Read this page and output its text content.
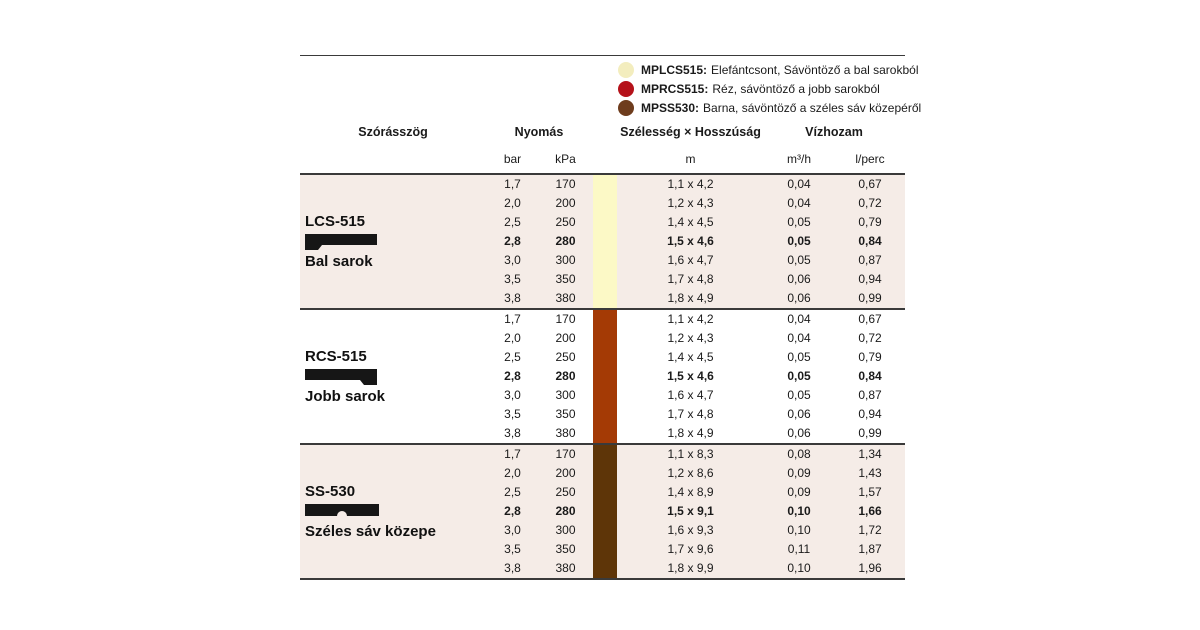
MPLCS515: Elefántcsont, Sávöntöző a bal sarokból
MPRCS515: Réz, sávöntöző a jobb sarokból
MPSS530: Barna, sávöntöző a széles sáv közepéről
Szórásszög	Nyomás	Szélesség × Hosszúság	Vízhozam
bar	kPa	m	m³/h	l/perc
LCS-515
Bal sarok
1,7	170	1,1 x 4,2	0,04	0,67
2,0	200	1,2 x 4,3	0,04	0,72
2,5	250	1,4 x 4,5	0,05	0,79
2,8	280	1,5 x 4,6	0,05	0,84
3,0	300	1,6 x 4,7	0,05	0,87
3,5	350	1,7 x 4,8	0,06	0,94
3,8	380	1,8 x 4,9	0,06	0,99
RCS-515
Jobb sarok
1,7	170	1,1 x 4,2	0,04	0,67
2,0	200	1,2 x 4,3	0,04	0,72
2,5	250	1,4 x 4,5	0,05	0,79
2,8	280	1,5 x 4,6	0,05	0,84
3,0	300	1,6 x 4,7	0,05	0,87
3,5	350	1,7 x 4,8	0,06	0,94
3,8	380	1,8 x 4,9	0,06	0,99
SS-530
Széles sáv közepe
1,7	170	1,1 x 8,3	0,08	1,34
2,0	200	1,2 x 8,6	0,09	1,43
2,5	250	1,4 x 8,9	0,09	1,57
2,8	280	1,5 x 9,1	0,10	1,66
3,0	300	1,6 x 9,3	0,10	1,72
3,5	350	1,7 x 9,6	0,11	1,87
3,8	380	1,8 x 9,9	0,10	1,96
